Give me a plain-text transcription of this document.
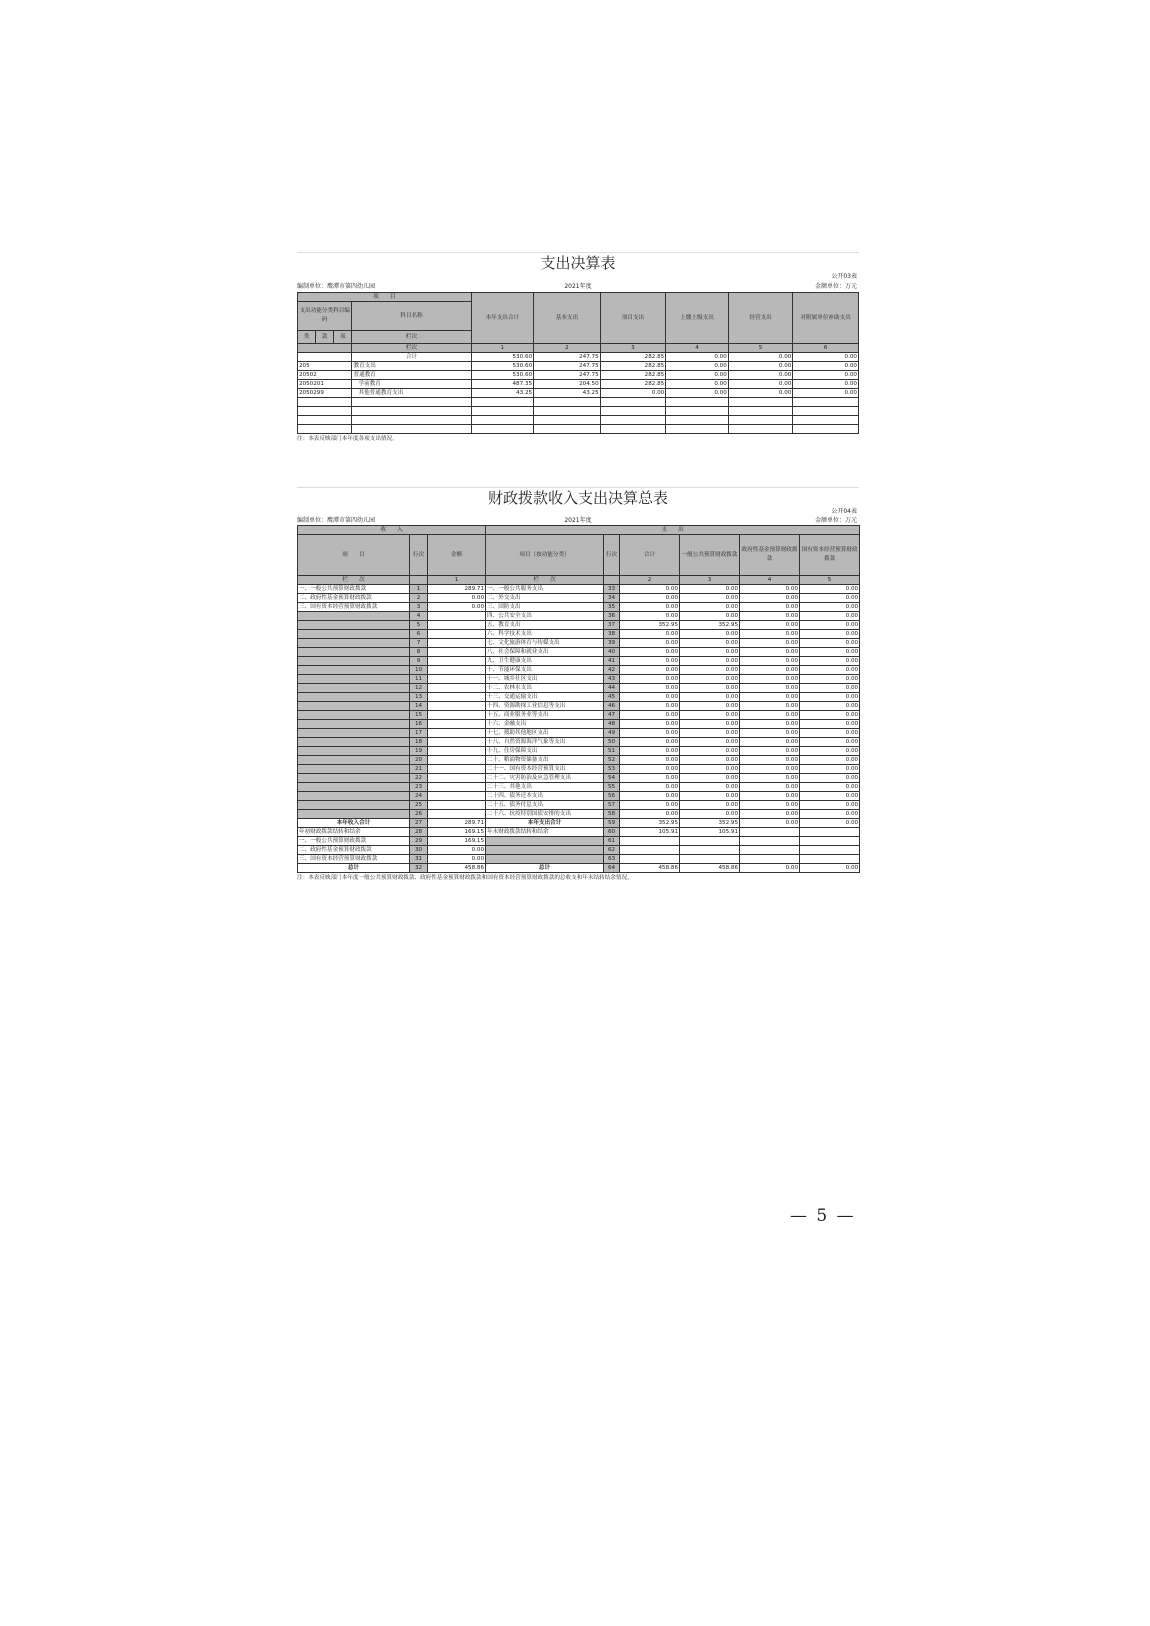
支出决算表
公开03表
编制单位：鹰潭市第四幼儿园	2021年度	金额单位：万元
项　　目				本年支出合计	基本支出	项目支出	上缴上级支出	经营支出	对附属单位补助支出
支出功能分类科目编码			科目名称						
类	款	项							
			栏次						
			栏次	1	2	3	4	5	6
			合计	530.60	247.75	282.85	0.00	0.00	0.00
205			教育支出	530.60	247.75	282.85	0.00	0.00	0.00
20502			普通教育	530.60	247.75	282.85	0.00	0.00	0.00
2050201			学前教育	487.35	204.50	282.85	0.00	0.00	0.00
2050299			其他普通教育支出	43.25	43.25	0.00	0.00	0.00	0.00

注：本表反映部门本年度各项支出情况。
财政拨款收入支出决算总表
公开04表
编制单位：鹰潭市第四幼儿园	2021年度	金额单位：万元
收　　入			支　　出					
项　　目	行次	金额	项目（按功能分类）	行次	合计	一般公共预算财政拨款	政府性基金预算财政拨款	国有资本经营预算财政拨款
栏　　次		1	栏　　次		2	3	4	5
一、一般公共预算财政拨款	1	289.71	一、一般公共服务支出	33	0.00	0.00	0.00	0.00
二、政府性基金预算财政拨款	2	0.00	二、外交支出	34	0.00	0.00	0.00	0.00
三、国有资本经营预算财政拨款	3	0.00	三、国防支出	35	0.00	0.00	0.00	0.00
	4		四、公共安全支出	36	0.00	0.00	0.00	0.00
	5		五、教育支出	37	352.95	352.95	0.00	0.00
	6		六、科学技术支出	38	0.00	0.00	0.00	0.00
	7		七、文化旅游体育与传媒支出	39	0.00	0.00	0.00	0.00
	8		八、社会保障和就业支出	40	0.00	0.00	0.00	0.00
	9		九、卫生健康支出	41	0.00	0.00	0.00	0.00
	10		十、节能环保支出	42	0.00	0.00	0.00	0.00
	11		十一、城乡社区支出	43	0.00	0.00	0.00	0.00
	12		十二、农林水支出	44	0.00	0.00	0.00	0.00
	13		十三、交通运输支出	45	0.00	0.00	0.00	0.00
	14		十四、资源勘探工业信息等支出	46	0.00	0.00	0.00	0.00
	15		十五、商业服务业等支出	47	0.00	0.00	0.00	0.00
	16		十六、金融支出	48	0.00	0.00	0.00	0.00
	17		十七、援助其他地区支出	49	0.00	0.00	0.00	0.00
	18		十八、自然资源海洋气象等支出	50	0.00	0.00	0.00	0.00
	19		十九、住房保障支出	51	0.00	0.00	0.00	0.00
	20		二十、粮油物资储备支出	52	0.00	0.00	0.00	0.00
	21		二十一、国有资本经营预算支出	53	0.00	0.00	0.00	0.00
	22		二十二、灾害防治及应急管理支出	54	0.00	0.00	0.00	0.00
	23		二十三、其他支出	55	0.00	0.00	0.00	0.00
	24		二十四、债务还本支出	56	0.00	0.00	0.00	0.00
	25		二十五、债务付息支出	57	0.00	0.00	0.00	0.00
	26		二十六、抗疫特别国债安排的支出	58	0.00	0.00	0.00	0.00
本年收入合计	27	289.71	本年支出合计	59	352.95	352.95	0.00	0.00
年初财政拨款结转和结余	28	169.15	年末财政拨款结转和结余	60	105.91	105.91		
一、一般公共预算财政拨款	29	169.15		61				
二、政府性基金预算财政拨款	30	0.00		62				
三、国有资本经营预算财政拨款	31	0.00		63				
总计	32	458.86	总计	64	458.86	458.86	0.00	0.00
注：本表反映部门本年度一般公共预算财政拨款、政府性基金预算财政拨款和国有资本经营预算财政拨款的总收支和年末结转结余情况。
— 5 —
